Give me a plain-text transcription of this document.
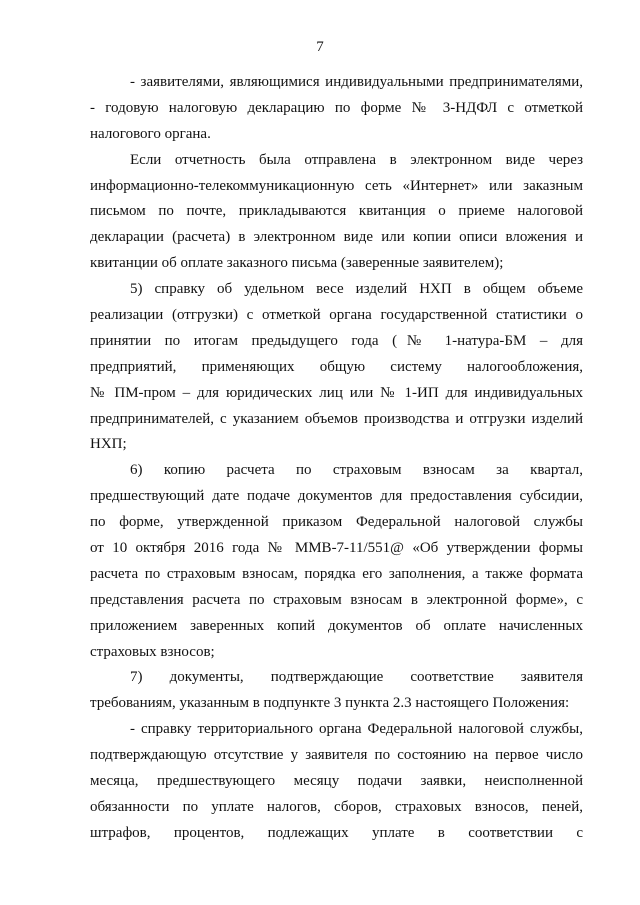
7
- заявителями, являющимися индивидуальными предпринимателями,
- годовую налоговую декларацию по форме № 3-НДФЛ с отметкой
налогового органа.
Если отчетность была отправлена в электронном виде через
информационно-телекоммуникационную сеть «Интернет» или заказным
письмом по почте, прикладываются квитанция о приеме налоговой
декларации (расчета) в электронном виде или копии описи вложения и
квитанции об оплате заказного письма (заверенные заявителем);
5) справку об удельном весе изделий НХП в общем объеме
реализации (отгрузки) с отметкой органа государственной статистики о
принятии по итогам предыдущего года (№ 1-натура-БМ – для
предприятий, применяющих общую систему налогообложения,
№ ПМ-пром – для юридических лиц или № 1-ИП для индивидуальных
предпринимателей, с указанием объемов производства и отгрузки изделий
НХП;
6) копию расчета по страховым взносам за квартал,
предшествующий дате подаче документов для предоставления субсидии,
по форме, утвержденной приказом Федеральной налоговой службы
от 10 октября 2016 года № ММВ-7-11/551@ «Об утверждении формы
расчета по страховым взносам, порядка его заполнения, а также формата
представления расчета по страховым взносам в электронной форме», с
приложением заверенных копий документов об оплате начисленных
страховых взносов;
7) документы, подтверждающие соответствие заявителя
требованиям, указанным в подпункте 3 пункта 2.3 настоящего Положения:
- справку территориального органа Федеральной налоговой службы,
подтверждающую отсутствие у заявителя по состоянию на первое число
месяца, предшествующего месяцу подачи заявки, неисполненной
обязанности по уплате налогов, сборов, страховых взносов, пеней,
штрафов, процентов, подлежащих уплате в соответствии с
